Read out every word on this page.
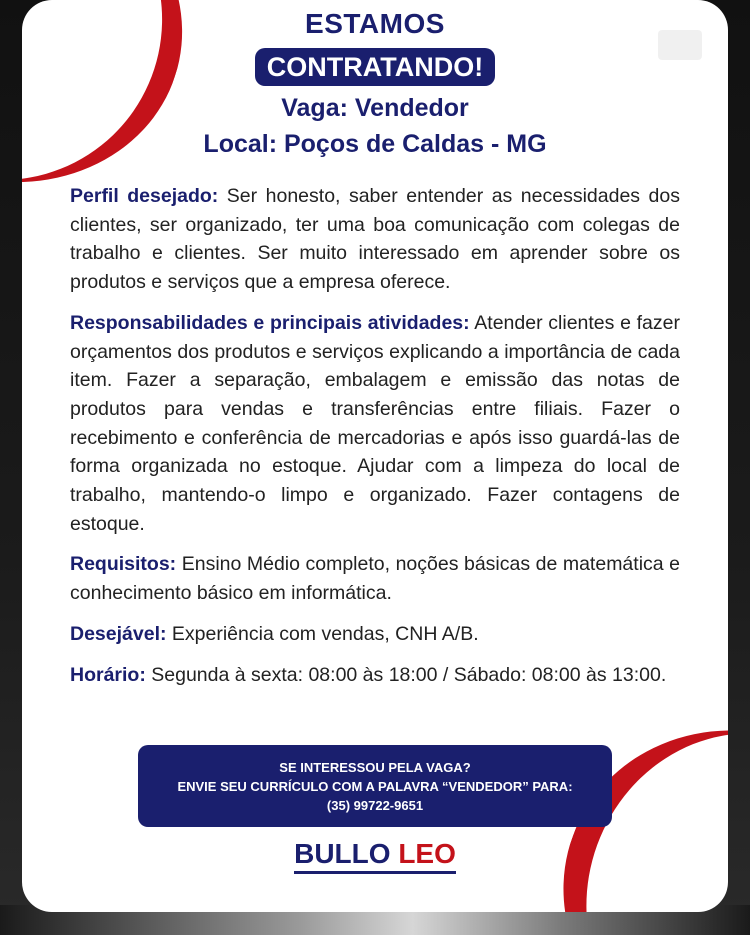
ESTAMOS
CONTRATANDO!
Vaga: Vendedor
Local: Poços de Caldas - MG

Perfil desejado: Ser honesto, saber entender as necessidades dos clientes, ser organizado, ter uma boa comunicação com colegas de trabalho e clientes. Ser muito interessado em aprender sobre os produtos e serviços que a empresa oferece.

Responsabilidades e principais atividades: Atender clientes e fazer orçamentos dos produtos e serviços explicando a importância de cada item. Fazer a separação, embalagem e emissão das notas de produtos para vendas e transferências entre filiais. Fazer o recebimento e conferência de mercadorias e após isso guardá-las de forma organizada no estoque. Ajudar com a limpeza do local de trabalho, mantendo-o limpo e organizado. Fazer contagens de estoque.

Requisitos: Ensino Médio completo, noções básicas de matemática e conhecimento básico em informática.

Desejável: Experiência com vendas, CNH A/B.

Horário: Segunda à sexta: 08:00 às 18:00 / Sábado: 08:00 às 13:00.

SE INTERESSOU PELA VAGA?
ENVIE SEU CURRÍCULO COM A PALAVRA “VENDEDOR” PARA:
(35) 99722-9651
BULLO LEO
